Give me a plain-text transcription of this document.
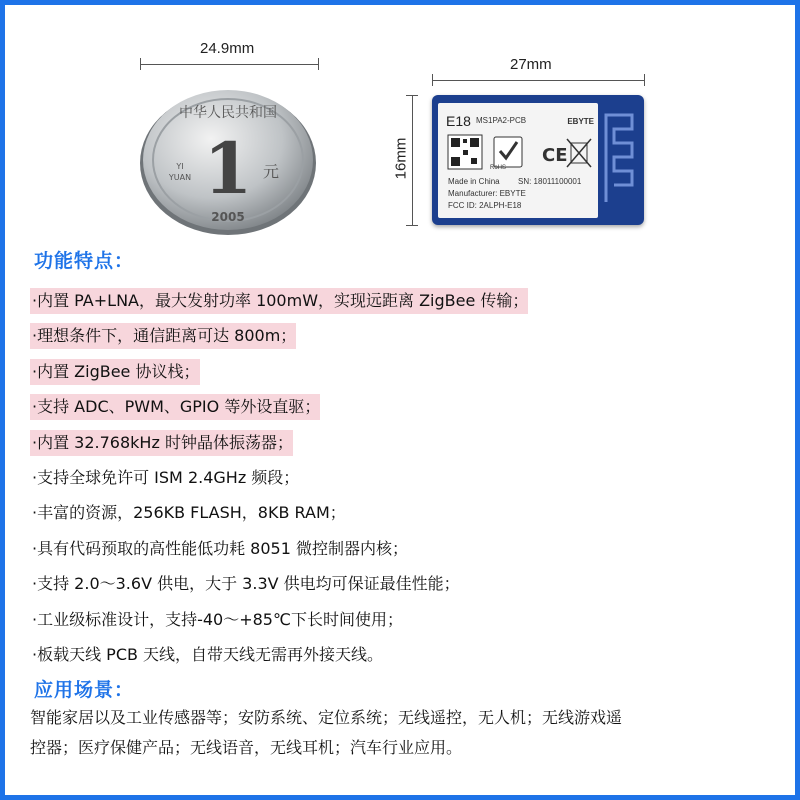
24.9mm
中华人民共和国
1 元
YI
YUAN
2005
27mm
16mm
E18 MS1PA2-PCB	EBYTE
CE
RoHS
Made in China SN: 18011100001
Manufacturer: EBYTE
FCC ID: 2ALPH-E18
功能特点：
·内置 PA+LNA，最大发射功率 100mW，实现远距离 ZigBee 传输；
·理想条件下，通信距离可达 800m；
·内置 ZigBee 协议栈；
·支持 ADC、PWM、GPIO 等外设直驱；
·内置 32.768kHz 时钟晶体振荡器；
·支持全球免许可 ISM 2.4GHz 频段；
·丰富的资源，256KB FLASH，8KB RAM；
·具有代码预取的高性能低功耗 8051 微控制器内核；
·支持 2.0～3.6V 供电，大于 3.3V 供电均可保证最佳性能；
·工业级标准设计，支持-40～+85℃下长时间使用；
·板载天线 PCB 天线，自带天线无需再外接天线。
应用场景：
智能家居以及工业传感器等；安防系统、定位系统；无线遥控，无人机；无线游戏遥
控器；医疗保健产品；无线语音，无线耳机；汽车行业应用。
